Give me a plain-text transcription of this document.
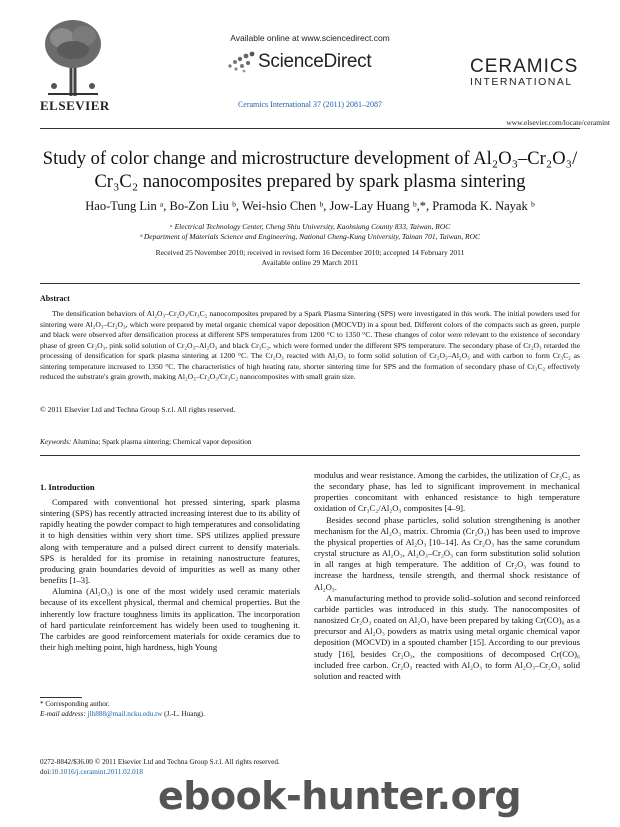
ELSEVIER
Available online at www.sciencedirect.com
ScienceDirect
Ceramics International 37 (2011) 2081–2087
CERAMICS
INTERNATIONAL
www.elsevier.com/locate/ceramint
Study of color change and microstructure development of Al₂O₃–Cr₂O₃/
Cr₃C₂ nanocomposites prepared by spark plasma sintering
Hao-Tung Lin ᵃ, Bo-Zon Liu ᵇ, Wei-hsio Chen ᵇ, Jow-Lay Huang ᵇ,*, Pramoda K. Nayak ᵇ
ᵃ Electrical Technology Center, Cheng Shiu University, Kaohsiung County 833, Taiwan, ROC
ᵇ Department of Materials Science and Engineering, National Cheng-Kung University, Tainan 701, Taiwan, ROC
Received 25 November 2010; received in revised form 16 December 2010; accepted 14 February 2011
Available online 29 March 2011
Abstract
The densification behaviors of Al₂O₃–Cr₂O₃/Cr₃C₂ nanocomposites prepared by a Spark Plasma Sintering (SPS) were investigated in this work. The initial powders used for sintering were Al₂O₃–Cr₂O₃, which were prepared by metal organic chemical vapor deposition (MOCVD) in a spout bed. Different colors of the compacts such as green, purple and black were observed after densification process at different SPS temperatures from 1200 °C to 1350 °C. These changes of color were relevant to the existence of secondary phase of green Cr₂O₃, pink solid solution of Cr₂O₃–Al₂O₃ and black Cr₃C₂, which were formed under the different SPS temperature. The secondary phase of Cr₂O₃ retarded the processing of densification for spark plasma sintering at 1200 °C. The Cr₂O₃ reacted with Al₂O₃ to form solid solution of Cr₂O₃–Al₂O₃ and with carbon to form Cr₃C₂ as sintering temperature increased to 1350 °C. The characteristics of high heating rate, shorter sintering time for SPS and the formation of secondary phase of Cr₃C₂ effectively reduced the substrate's grain growth, making Al₂O₃–Cr₂O₃/Cr₃C₂ nanocomposites with small grain size.
© 2011 Elsevier Ltd and Techna Group S.r.l. All rights reserved.
Keywords: Alumina; Spark plasma sintering; Chemical vapor deposition
1. Introduction

Compared with conventional hot pressed sintering, spark plasma sintering (SPS) has recently attracted increasing interest due to its ability of rapidly heating the powder compact to high temperatures and consolidating it to high densities within very short time. SPS utilizes applied pressure along with temperature and a pulsed direct current to densify materials. SPS is heralded for its promise in retaining nanostructure features, producing grain boundaries devoid of impurities as well as many other benefits [1–3].

Alumina (Al₂O₃) is one of the most widely used ceramic materials because of its excellent physical, thermal and chemical properties. But the inherently low fracture toughness limits its application. The incorporation of hard particulate reinforcement has widely been used to toughening it. The carbides are good reinforcement materials for oxide ceramics due to their high melting point, high hardness, high Young

modulus and wear resistance. Among the carbides, the utilization of Cr₃C₂ as the secondary phase, has led to significant improvement in mechanical properties concomitant with enhanced resistance to high temperature oxidation of Cr₃C₂/Al₂O₃ composites [4–9].

Besides second phase particles, solid solution strengthening is another mechanism for the Al₂O₃ matrix. Chromia (Cr₂O₃) has been used to improve the physical properties of Al₂O₃ [10–14]. As Cr₂O₃ has the same corundum crystal structure as Al₂O₃, Al₂O₃–Cr₂O₃ can form substitution solid solution in all ranges at high temperature. The addition of Cr₂O₃ was found to increase the hardness, tensile strength, and thermal shock resistance of Al₂O₃.

A manufacturing method to provide solid–solution and second reinforced carbide particles was introduced in this study. The nanocomposites of nanosized Cr₂O₃ coated on Al₂O₃ have been prepared by taking Cr(CO)₆ as a precursor and Al₂O₃ powders as matrix using metal organic chemical vapor deposition (MOCVD) in a spouted chamber [15]. According to our previous study [16], besides Cr₂O₃, the compositions of decomposed Cr(CO)₆ included free carbon. Cr₂O₃ reacted with Al₂O₃ to form Al₂O₃–Cr₂O₃ solid solution and reacted with

* Corresponding author.
E-mail address: jlh888@mail.ncku.edu.tw (J.-L. Huang).
0272-8842/$36.00 © 2011 Elsevier Ltd and Techna Group S.r.l. All rights reserved.
doi:10.1016/j.ceramint.2011.02.018
ebook-hunter.org
